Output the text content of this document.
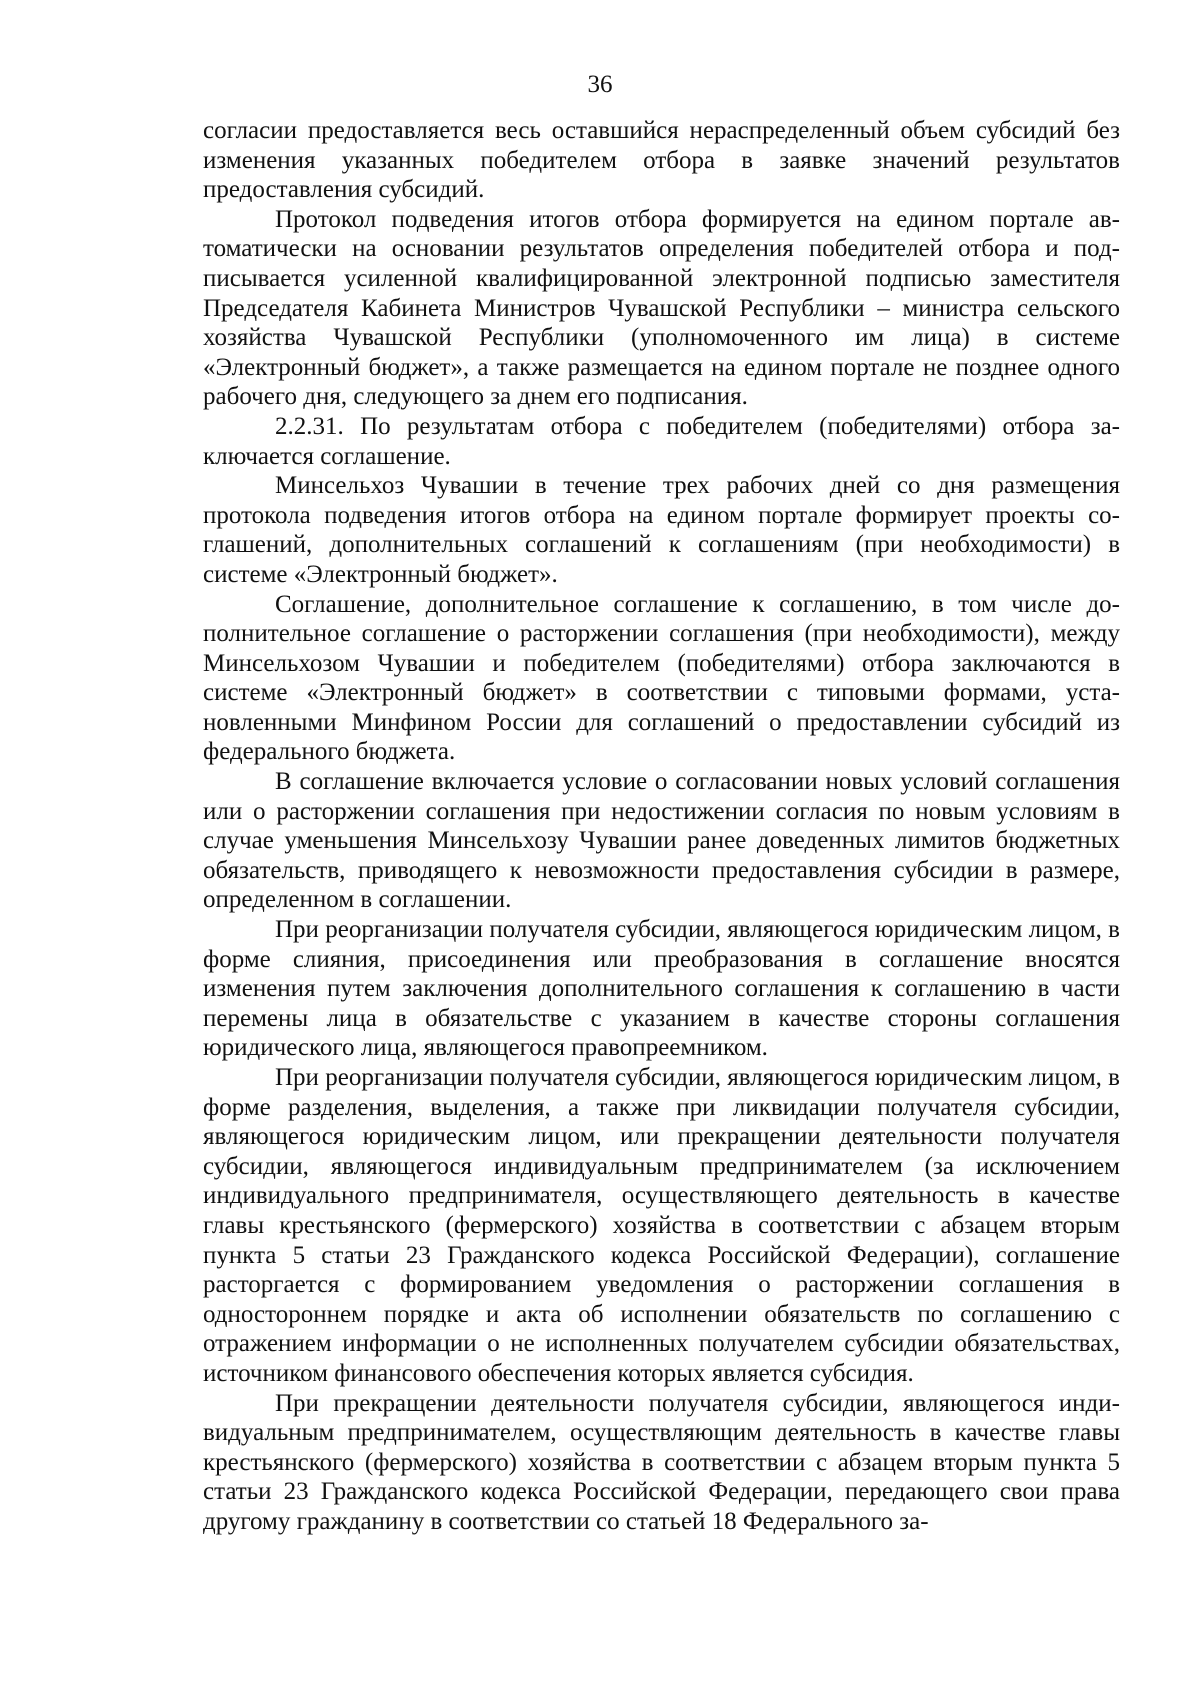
36

согласии предоставляется весь оставшийся нераспределенный объем субсидий без изменения указанных победителем отбора в заявке значений результатов предоставления субсидий.

Протокол подведения итогов отбора формируется на едином портале автоматически на основании результатов определения победителей отбора и подписывается усиленной квалифицированной электронной подписью заместителя Председателя Кабинета Министров Чувашской Республики – министра сельского хозяйства Чувашской Республики (уполномоченного им лица) в системе «Электронный бюджет», а также размещается на едином портале не позднее одного рабочего дня, следующего за днем его подписания.

2.2.31. По результатам отбора с победителем (победителями) отбора заключается соглашение.

Минсельхоз Чувашии в течение трех рабочих дней со дня размещения протокола подведения итогов отбора на едином портале формирует проекты соглашений, дополнительных соглашений к соглашениям (при необходимости) в системе «Электронный бюджет».

Соглашение, дополнительное соглашение к соглашению, в том числе дополнительное соглашение о расторжении соглашения (при необходимости), между Минсельхозом Чувашии и победителем (победителями) отбора заключаются в системе «Электронный бюджет» в соответствии с типовыми формами, установленными Минфином России для соглашений о предоставлении субсидий из федерального бюджета.

В соглашение включается условие о согласовании новых условий соглашения или о расторжении соглашения при недостижении согласия по новым условиям в случае уменьшения Минсельхозу Чувашии ранее доведенных лимитов бюджетных обязательств, приводящего к невозможности предоставления субсидии в размере, определенном в соглашении.

При реорганизации получателя субсидии, являющегося юридическим лицом, в форме слияния, присоединения или преобразования в соглашение вносятся изменения путем заключения дополнительного соглашения к соглашению в части перемены лица в обязательстве с указанием в качестве стороны соглашения юридического лица, являющегося правопреемником.

При реорганизации получателя субсидии, являющегося юридическим лицом, в форме разделения, выделения, а также при ликвидации получателя субсидии, являющегося юридическим лицом, или прекращении деятельности получателя субсидии, являющегося индивидуальным предпринимателем (за исключением индивидуального предпринимателя, осуществляющего деятельность в качестве главы крестьянского (фермерского) хозяйства в соответствии с абзацем вторым пункта 5 статьи 23 Гражданского кодекса Российской Федерации), соглашение расторгается с формированием уведомления о расторжении соглашения в одностороннем порядке и акта об исполнении обязательств по соглашению с отражением информации о не исполненных получателем субсидии обязательствах, источником финансового обеспечения которых является субсидия.

При прекращении деятельности получателя субсидии, являющегося индивидуальным предпринимателем, осуществляющим деятельность в качестве главы крестьянского (фермерского) хозяйства в соответствии с абзацем вторым пункта 5 статьи 23 Гражданского кодекса Российской Федерации, передающего свои права другому гражданину в соответствии со статьей 18 Федерального за-
